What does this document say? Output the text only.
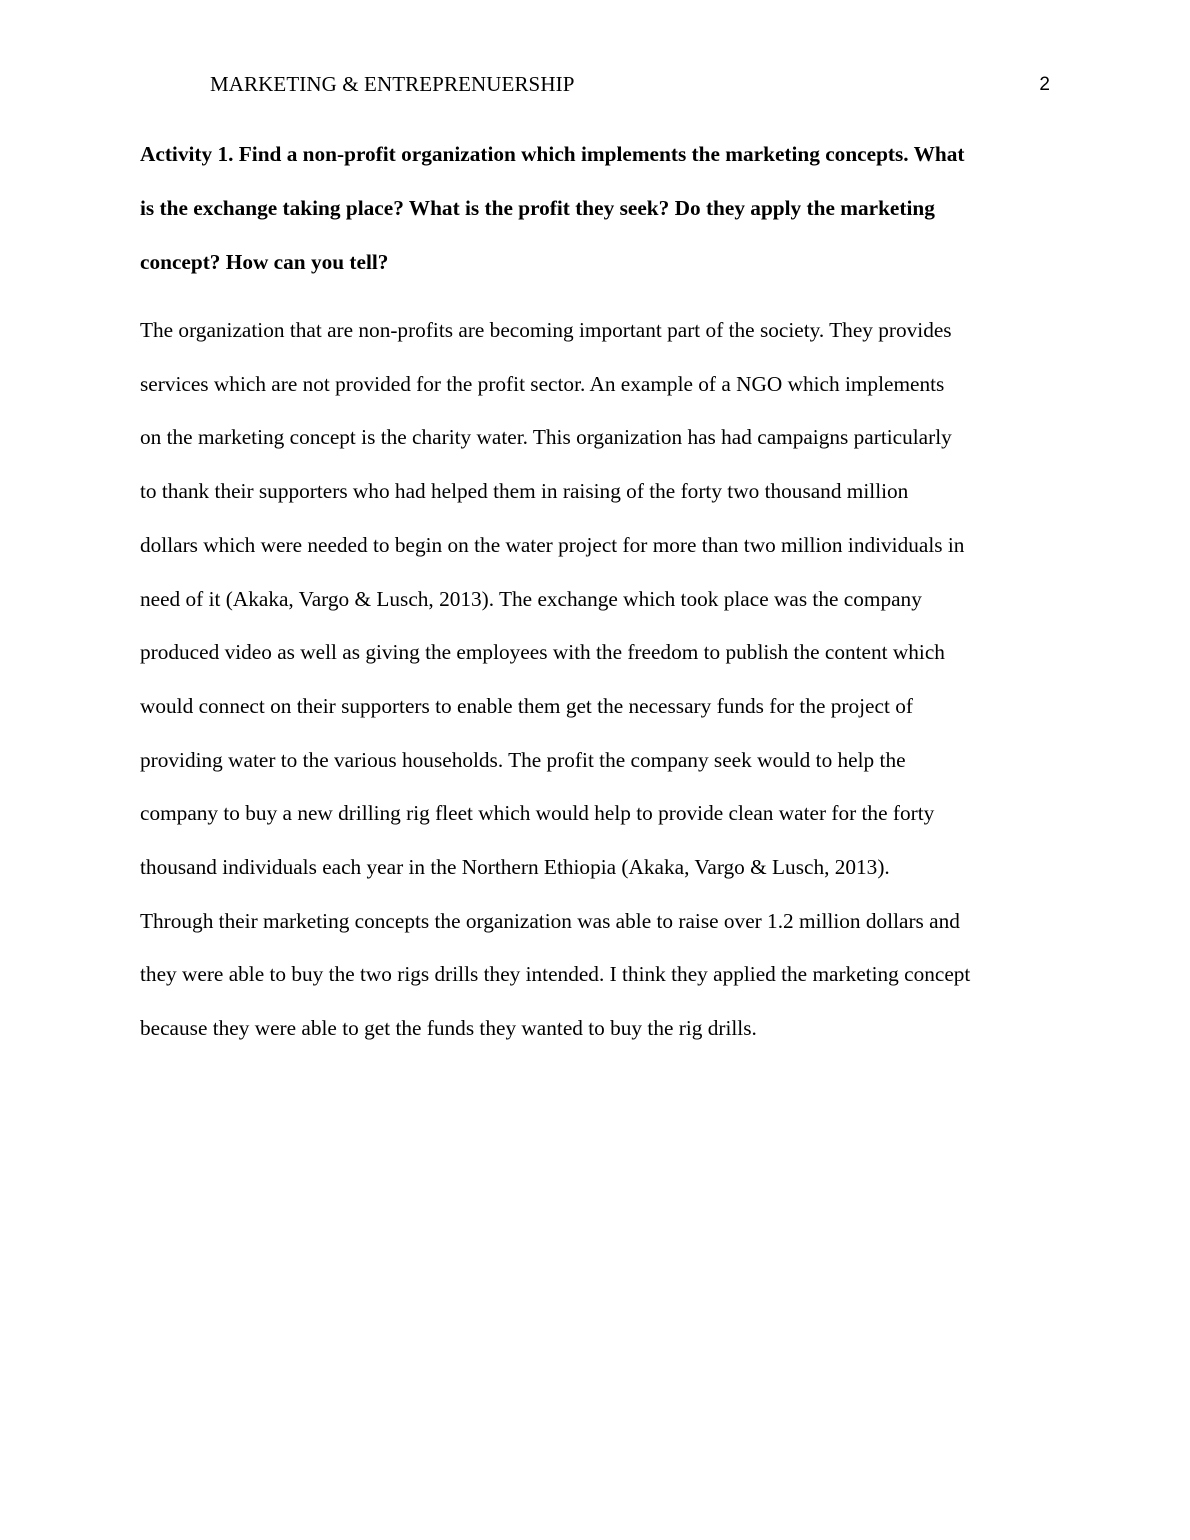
MARKETING & ENTREPRENUERSHIP	2
Activity 1. Find a non-profit organization which implements the marketing concepts. What
is the exchange taking place? What is the profit they seek? Do they apply the marketing
concept? How can you tell?

The organization that are non-profits are becoming important part of the society. They provides
services which are not provided for the profit sector. An example of a NGO which implements
on the marketing concept is the charity water. This organization has had campaigns particularly
to thank their supporters who had helped them in raising of the forty two thousand million
dollars which were needed to begin on the water project for more than two million individuals in
need of it (Akaka, Vargo & Lusch, 2013). The exchange which took place was the company
produced video as well as giving the employees with the freedom to publish the content which
would connect on their supporters to enable them get the necessary funds for the project of
providing water to the various households. The profit the company seek would to help the
company to buy a new drilling rig fleet which would help to provide clean water for the forty
thousand individuals each year in the Northern Ethiopia (Akaka, Vargo & Lusch, 2013).
Through their marketing concepts the organization was able to raise over 1.2 million dollars and
they were able to buy the two rigs drills they intended. I think they applied the marketing concept
because they were able to get the funds they wanted to buy the rig drills.
